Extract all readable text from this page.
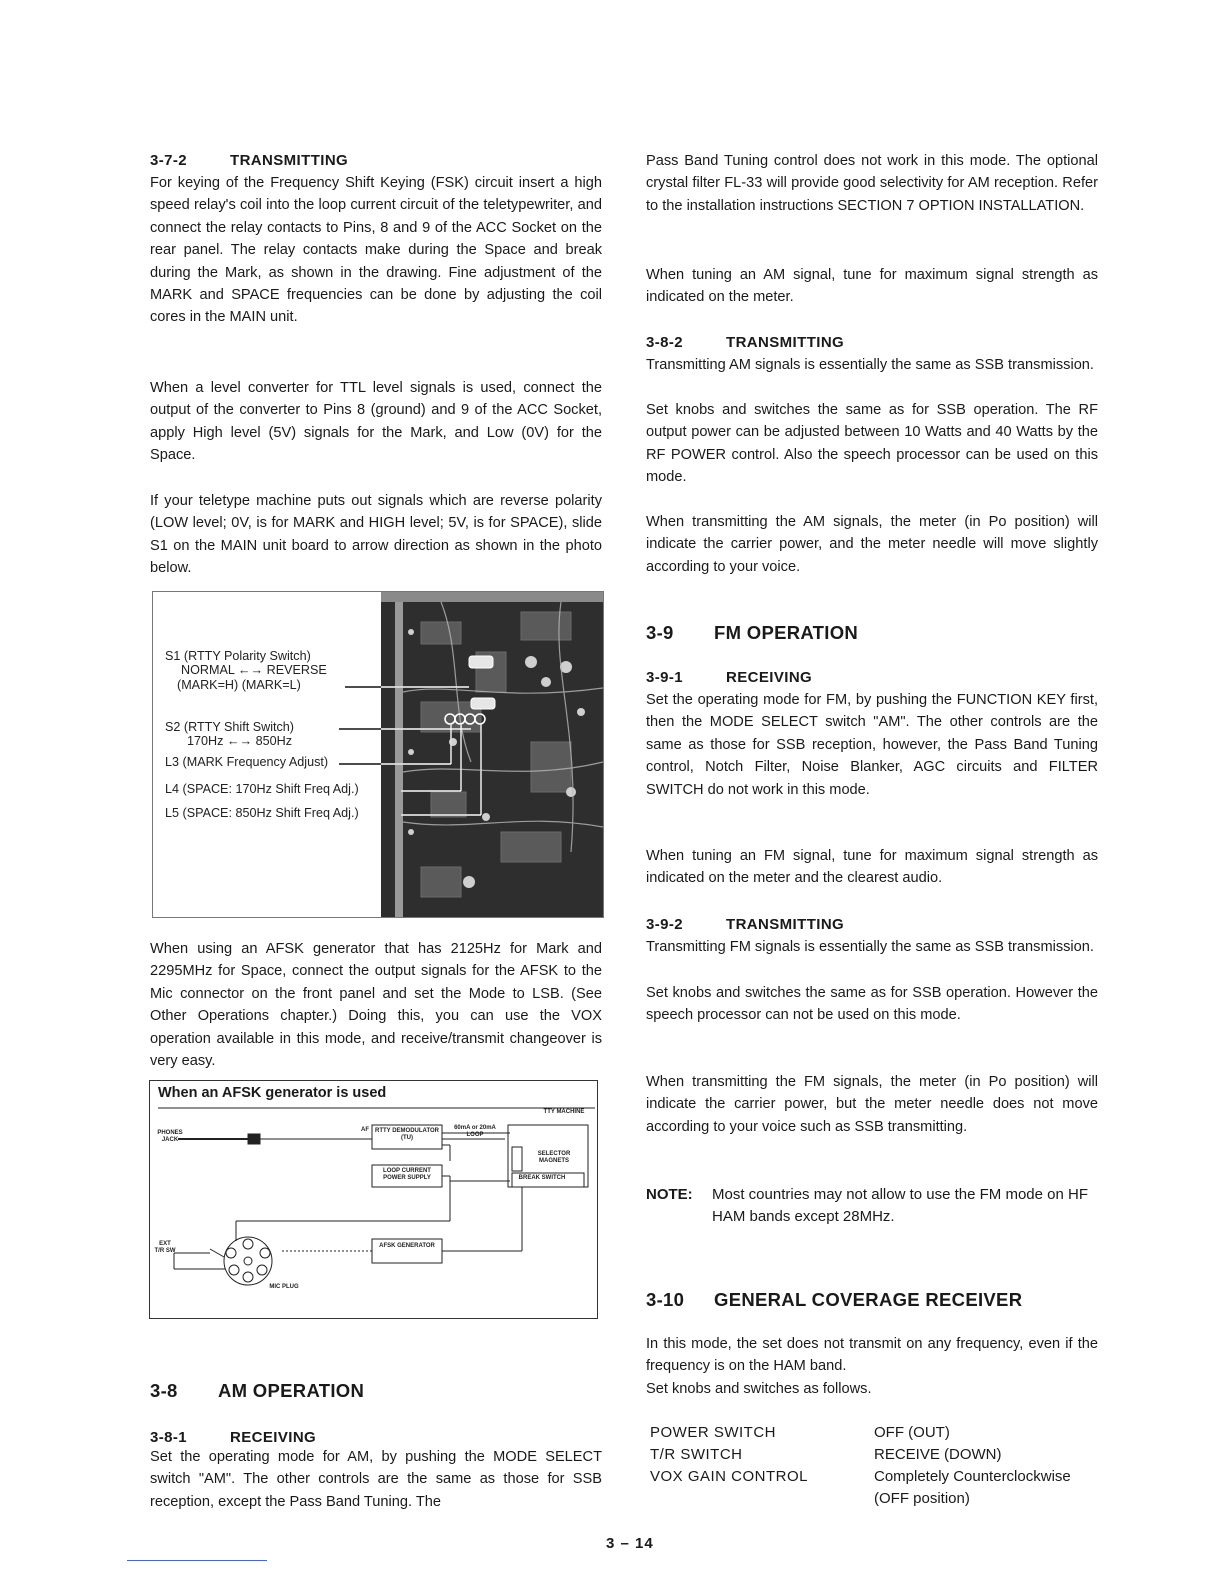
3-7-2	TRANSMITTING

For keying of the Frequency Shift Keying (FSK) circuit insert a high speed relay's coil into the loop current circuit of the teletypewriter, and connect the relay contacts to Pins, 8 and 9 of the ACC Socket on the rear panel. The relay contacts make during the Space and break during the Mark, as shown in the drawing. Fine adjustment of the MARK and SPACE frequencies can be done by adjusting the coil cores in the MAIN unit.

When a level converter for TTL level signals is used, connect the output of the converter to Pins 8 (ground) and 9 of the ACC Socket, apply High level (5V) signals for the Mark, and Low (0V) for the Space.

If your teletype machine puts out signals which are reverse polarity (LOW level; 0V, is for MARK and HIGH level; 5V, is for SPACE), slide S1 on the MAIN unit board to arrow direction as shown in the photo below.

S1 (RTTY Polarity Switch)
NORMAL ←→ REVERSE
(MARK=H) (MARK=L)
S2 (RTTY Shift Switch)
170Hz ←→ 850Hz
L3 (MARK Frequency Adjust)
L4 (SPACE: 170Hz Shift Freq Adj.)
L5 (SPACE: 850Hz Shift Freq Adj.)

When using an AFSK generator that has 2125Hz for Mark and 2295MHz for Space, connect the output signals for the AFSK to the Mic connector on the front panel and set the Mode to LSB. (See Other Operations chapter.) Doing this, you can use the VOX operation available in this mode, and receive/transmit changeover is very easy.

When an AFSK generator is used
PHONES JACK
AF	RTTY DEMODULATOR (TU)
60mA or 20mA LOOP
TTY MACHINE
SELECTOR MAGNETS
LOOP CURRENT POWER SUPPLY	BREAK SWITCH
EXT T/R SW
AFSK GENERATOR
MIC PLUG

3-8 AM OPERATION

3-8-1	RECEIVING

Set the operating mode for AM, by pushing the MODE SELECT switch "AM". The other controls are the same as those for SSB reception, except the Pass Band Tuning. The

Pass Band Tuning control does not work in this mode. The optional crystal filter FL-33 will provide good selectivity for AM reception. Refer to the installation instructions SECTION 7 OPTION INSTALLATION.

When tuning an AM signal, tune for maximum signal strength as indicated on the meter.

3-8-2	TRANSMITTING

Transmitting AM signals is essentially the same as SSB transmission.

Set knobs and switches the same as for SSB operation. The RF output power can be adjusted between 10 Watts and 40 Watts by the RF POWER control. Also the speech processor can be used on this mode.

When transmitting the AM signals, the meter (in Po position) will indicate the carrier power, and the meter needle will move slightly according to your voice.

3-9 FM OPERATION

3-9-1	RECEIVING

Set the operating mode for FM, by pushing the FUNCTION KEY first, then the MODE SELECT switch "AM". The other controls are the same as those for SSB reception, however, the Pass Band Tuning control, Notch Filter, Noise Blanker, AGC circuits and FILTER SWITCH do not work in this mode.

When tuning an FM signal, tune for maximum signal strength as indicated on the meter and the clearest audio.

3-9-2	TRANSMITTING

Transmitting FM signals is essentially the same as SSB transmission.

Set knobs and switches the same as for SSB operation. However the speech processor can not be used on this mode.

When transmitting the FM signals, the meter (in Po position) will indicate the carrier power, but the meter needle does not move according to your voice such as SSB transmitting.

NOTE: Most countries may not allow to use the FM mode on HF HAM bands except 28MHz.

3-10 GENERAL COVERAGE RECEIVER

In this mode, the set does not transmit on any frequency, even if the frequency is on the HAM band.

Set knobs and switches as follows.

POWER SWITCH	OFF (OUT)
T/R SWITCH	RECEIVE (DOWN)
VOX GAIN CONTROL	Completely Counterclockwise
(OFF position)
3 – 14
